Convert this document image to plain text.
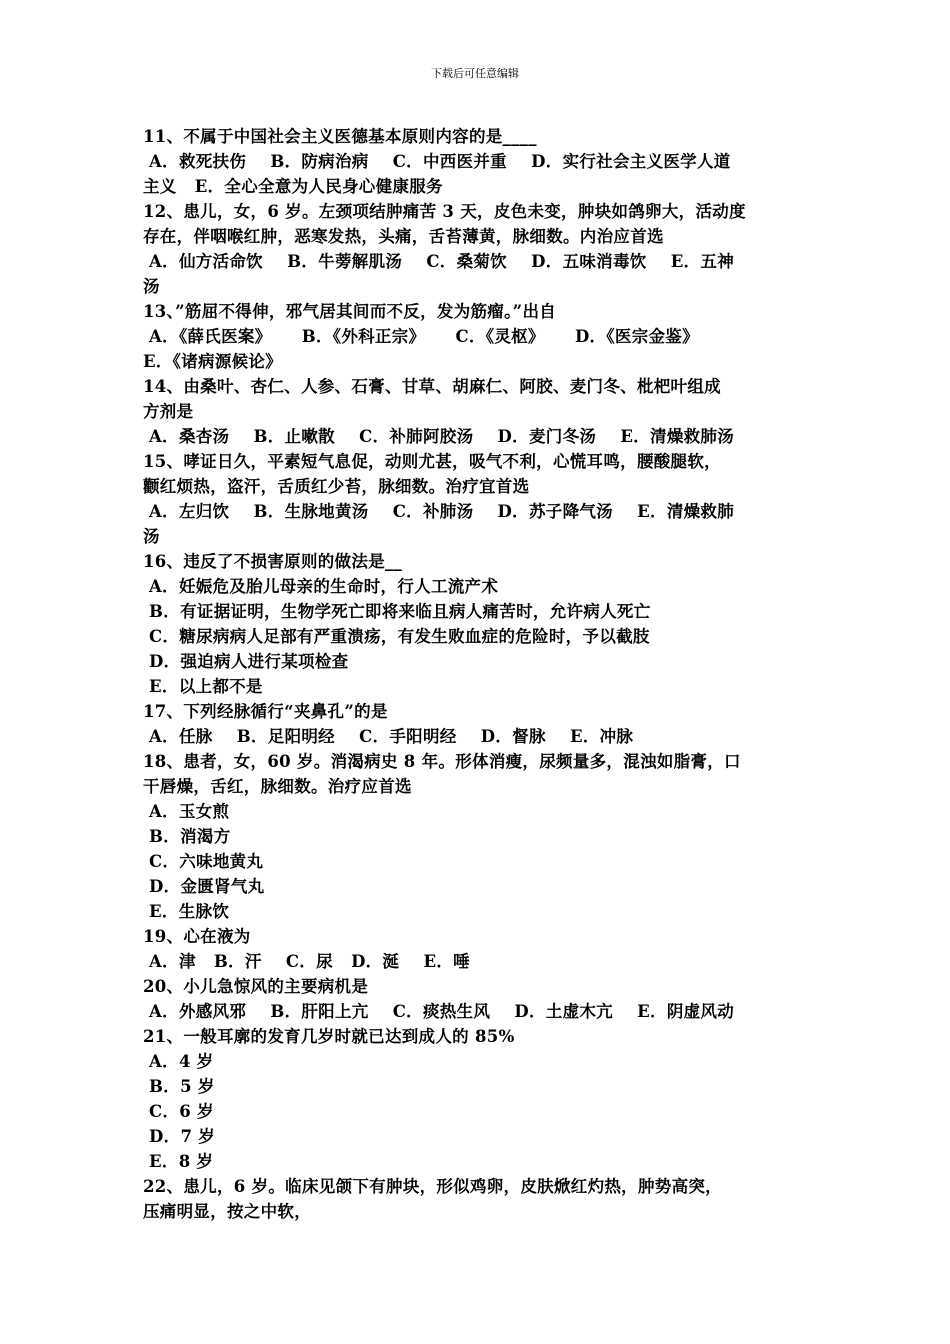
下载后可任意编辑
11、不属于中国社会主义医德基本原则内容的是____
A．救死扶伤    B．防病治病    C．中西医并重    D．实行社会主义医学人道
主义   E．全心全意为人民身心健康服务
12、患儿，女，6 岁。左颈项结肿痛苦 3 天，皮色未变，肿块如鸽卵大，活动度
存在，伴咽喉红肿，恶寒发热，头痛，舌苔薄黄，脉细数。内治应首选
A．仙方活命饮    B．牛蒡解肌汤    C．桑菊饮    D．五味消毒饮    E．五神
汤
13、”筋屈不得伸，邪气居其间而不反，发为筋瘤。”出自
A．《薛氏医案》     B．《外科正宗》     C．《灵枢》     D．《医宗金鉴》
E．《诸病源候论》
14、由桑叶、杏仁、人参、石膏、甘草、胡麻仁、阿胶、麦门冬、枇杷叶组成
方剂是
A．桑杏汤    B．止嗽散    C．补肺阿胶汤    D．麦门冬汤    E．清燥救肺汤
15、哮证日久，平素短气息促，动则尤甚，吸气不利，心慌耳鸣，腰酸腿软，
颧红烦热，盗汗，舌质红少苔，脉细数。治疗宜首选
A．左归饮    B．生脉地黄汤    C．补肺汤    D．苏子降气汤    E．清燥救肺
汤
16、违反了不损害原则的做法是__
A．妊娠危及胎儿母亲的生命时，行人工流产术
B．有证据证明，生物学死亡即将来临且病人痛苦时，允许病人死亡
C．糖尿病病人足部有严重溃疡，有发生败血症的危险时，予以截肢
D．强迫病人进行某项检查
E．以上都不是
17、下列经脉循行“夹鼻孔”的是
A．任脉    B．足阳明经    C．手阳明经    D．督脉    E．冲脉
18、患者，女，60 岁。消渴病史 8 年。形体消瘦，尿频量多，混浊如脂膏，口
干唇燥，舌红，脉细数。治疗应首选
A．玉女煎
B．消渴方
C．六味地黄丸
D．金匮肾气丸
E．生脉饮
19、心在液为
A．津   B．汗    C．尿   D．涎    E．唾
20、小儿急惊风的主要病机是
A．外感风邪    B．肝阳上亢    C．痰热生风    D．土虚木亢    E．阴虚风动
21、一般耳廓的发育几岁时就已达到成人的 85%
A．4 岁
B．5 岁
C．6 岁
D．7 岁
E．8 岁
22、患儿，6 岁。临床见颌下有肿块，形似鸡卵，皮肤焮红灼热，肿势高突，
压痛明显，按之中软，
